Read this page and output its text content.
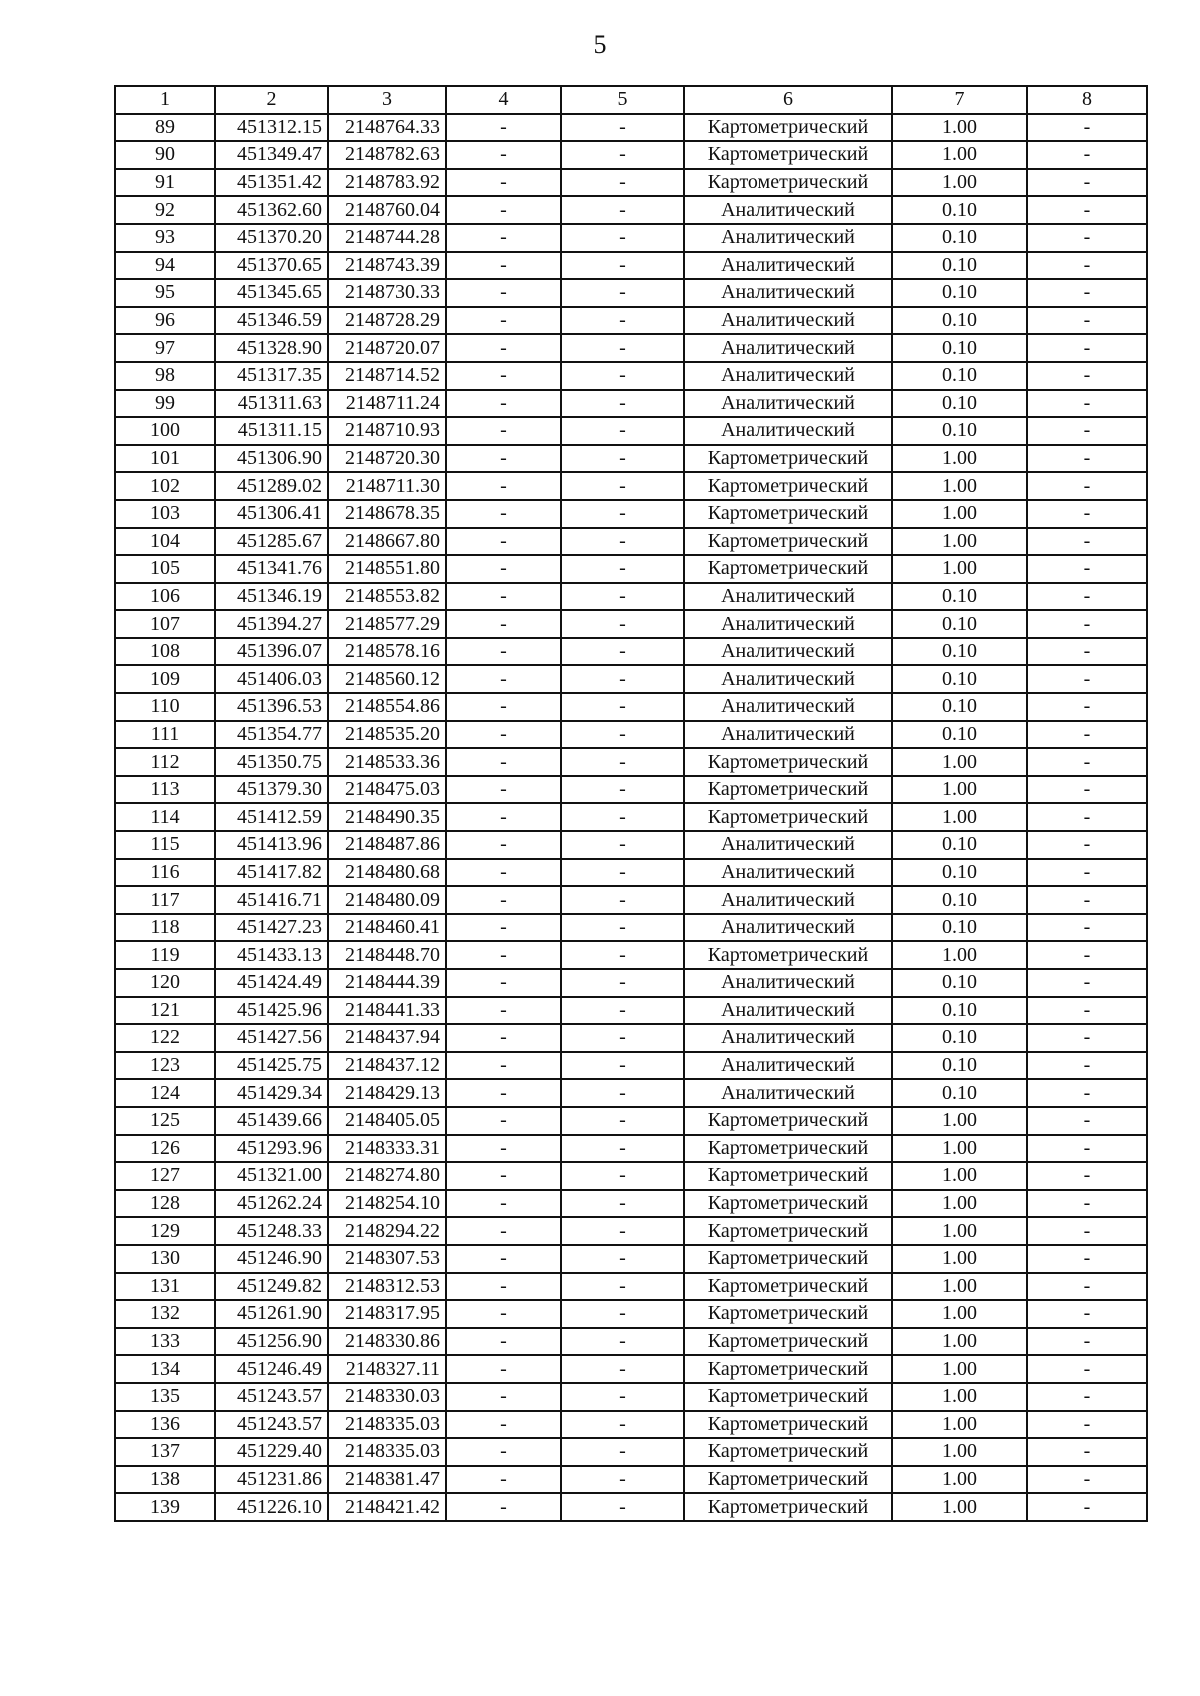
5
1	2	3	4	5	6	7	8
89	451312.15	2148764.33	-	-	Картометрический	1.00	-
90	451349.47	2148782.63	-	-	Картометрический	1.00	-
91	451351.42	2148783.92	-	-	Картометрический	1.00	-
92	451362.60	2148760.04	-	-	Аналитический	0.10	-
93	451370.20	2148744.28	-	-	Аналитический	0.10	-
94	451370.65	2148743.39	-	-	Аналитический	0.10	-
95	451345.65	2148730.33	-	-	Аналитический	0.10	-
96	451346.59	2148728.29	-	-	Аналитический	0.10	-
97	451328.90	2148720.07	-	-	Аналитический	0.10	-
98	451317.35	2148714.52	-	-	Аналитический	0.10	-
99	451311.63	2148711.24	-	-	Аналитический	0.10	-
100	451311.15	2148710.93	-	-	Аналитический	0.10	-
101	451306.90	2148720.30	-	-	Картометрический	1.00	-
102	451289.02	2148711.30	-	-	Картометрический	1.00	-
103	451306.41	2148678.35	-	-	Картометрический	1.00	-
104	451285.67	2148667.80	-	-	Картометрический	1.00	-
105	451341.76	2148551.80	-	-	Картометрический	1.00	-
106	451346.19	2148553.82	-	-	Аналитический	0.10	-
107	451394.27	2148577.29	-	-	Аналитический	0.10	-
108	451396.07	2148578.16	-	-	Аналитический	0.10	-
109	451406.03	2148560.12	-	-	Аналитический	0.10	-
110	451396.53	2148554.86	-	-	Аналитический	0.10	-
111	451354.77	2148535.20	-	-	Аналитический	0.10	-
112	451350.75	2148533.36	-	-	Картометрический	1.00	-
113	451379.30	2148475.03	-	-	Картометрический	1.00	-
114	451412.59	2148490.35	-	-	Картометрический	1.00	-
115	451413.96	2148487.86	-	-	Аналитический	0.10	-
116	451417.82	2148480.68	-	-	Аналитический	0.10	-
117	451416.71	2148480.09	-	-	Аналитический	0.10	-
118	451427.23	2148460.41	-	-	Аналитический	0.10	-
119	451433.13	2148448.70	-	-	Картометрический	1.00	-
120	451424.49	2148444.39	-	-	Аналитический	0.10	-
121	451425.96	2148441.33	-	-	Аналитический	0.10	-
122	451427.56	2148437.94	-	-	Аналитический	0.10	-
123	451425.75	2148437.12	-	-	Аналитический	0.10	-
124	451429.34	2148429.13	-	-	Аналитический	0.10	-
125	451439.66	2148405.05	-	-	Картометрический	1.00	-
126	451293.96	2148333.31	-	-	Картометрический	1.00	-
127	451321.00	2148274.80	-	-	Картометрический	1.00	-
128	451262.24	2148254.10	-	-	Картометрический	1.00	-
129	451248.33	2148294.22	-	-	Картометрический	1.00	-
130	451246.90	2148307.53	-	-	Картометрический	1.00	-
131	451249.82	2148312.53	-	-	Картометрический	1.00	-
132	451261.90	2148317.95	-	-	Картометрический	1.00	-
133	451256.90	2148330.86	-	-	Картометрический	1.00	-
134	451246.49	2148327.11	-	-	Картометрический	1.00	-
135	451243.57	2148330.03	-	-	Картометрический	1.00	-
136	451243.57	2148335.03	-	-	Картометрический	1.00	-
137	451229.40	2148335.03	-	-	Картометрический	1.00	-
138	451231.86	2148381.47	-	-	Картометрический	1.00	-
139	451226.10	2148421.42	-	-	Картометрический	1.00	-
